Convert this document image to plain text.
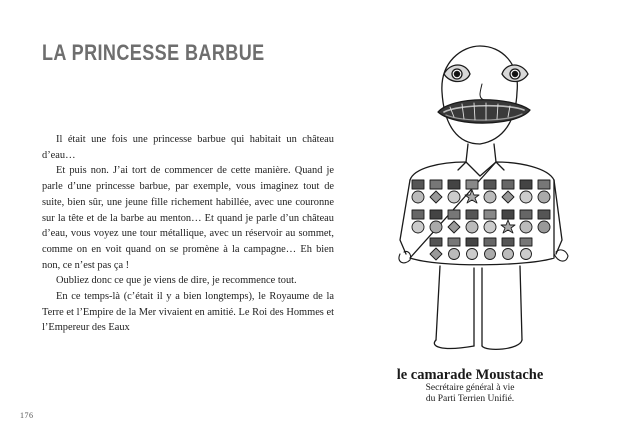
LA PRINCESSE BARBUE

Il était une fois une princesse barbue qui habitait un château d’eau…

Et puis non. J’ai tort de commencer de cette manière. Quand je parle d’une princesse barbue, par exemple, vous imaginez tout de suite, bien sûr, une jeune fille richement habillée, avec une couronne sur la tête et de la barbe au menton… Et quand je parle d’un château d’eau, vous voyez une tour métallique, avec un réservoir au sommet, comme on en voit quand on se promène à la campagne… Eh bien non, ce n’est pas ça !

Oubliez donc ce que je viens de dire, je recommence tout.

En ce temps-là (c’était il y a bien longtemps), le Royaume de la Terre et l’Empire de la Mer vivaient en amitié. Le Roi des Hommes et l’Empereur des Eaux

176
le camarade Moustache
Secrétaire général à vie
du Parti Terrien Unifié.
